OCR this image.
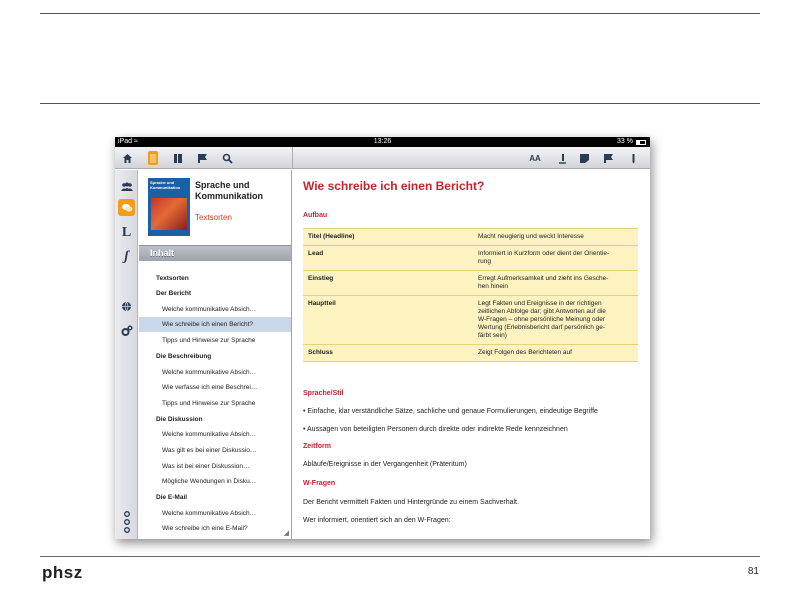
iPad ≈	13:26	33 %
AA
L
ʃ
Sprache und Kommunikation	Sprache und Kommunikation
Textsorten
Inhalt
Textsorten
Der Bericht
Welche kommunikative Absich…
Wie schreibe ich einen Bericht?
Tipps und Hinweise zur Sprache
Die Beschreibung
Welche kommunikative Absich…
Wie verfasse ich eine Beschrei…
Tipps und Hinweise zur Sprache
Die Diskussion
Welche kommunikative Absich…
Was gilt es bei einer Diskussio…
Was ist bei einer Diskussion…
Mögliche Wendungen in Disku…
Die E-Mail
Welche kommunikative Absich…
Wie schreibe ich eine E-Mail?
◢
Wie schreibe ich einen Bericht?
Aufbau
Titel (Headline)	Macht neugierig und weckt Interesse
Lead	Informiert in Kurzform oder dient der Orientie-
rung
Einstieg	Erregt Aufmerksamkeit und zieht ins Gesche-
hen hinein
Hauptteil	Legt Fakten und Ereignisse in der richtigen
zeitlichen Abfolge dar; gibt Antworten auf die
W-Fragen – ohne persönliche Meinung oder
Wertung (Erlebnisbericht darf persönlich ge-
färbt sein)
Schluss	Zeigt Folgen des Berichteten auf
Sprache/Stil
• Einfache, klar verständliche Sätze, sachliche und genaue Formulierungen, eindeutige Begriffe
• Aussagen von beteiligten Personen durch direkte oder indirekte Rede kennzeichnen
Zeitform
Abläufe/Ereignisse in der Vergangenheit (Präteritum)
W-Fragen
Der Bericht vermittelt Fakten und Hintergründe zu einem Sachverhalt.
Wer informiert, orientiert sich an den W-Fragen:
phsz	81
